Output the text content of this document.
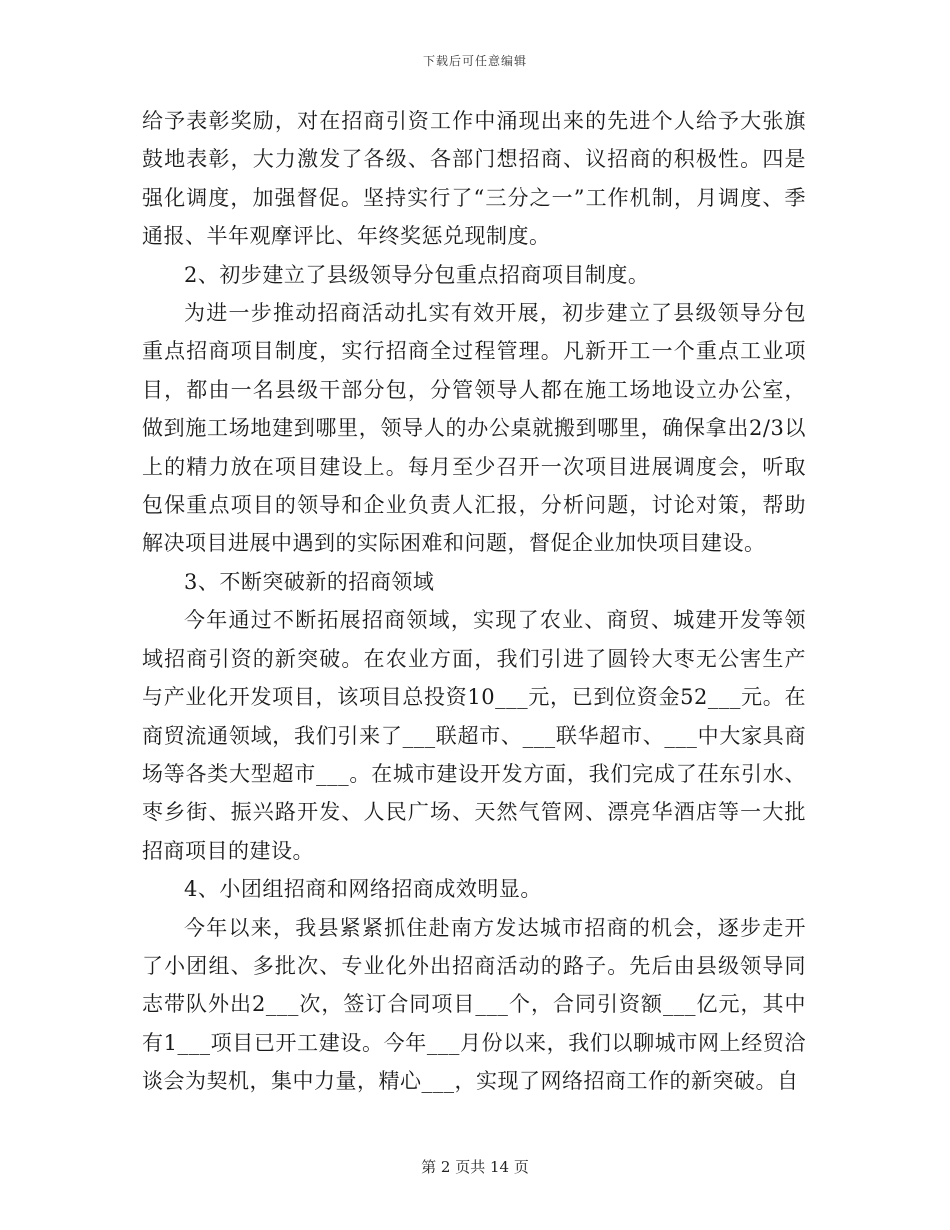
下载后可任意编辑

给予表彰奖励，对在招商引资工作中涌现出来的先进个人给予大张旗鼓地表彰，大力激发了各级、各部门想招商、议招商的积极性。四是强化调度，加强督促。坚持实行了“三分之一”工作机制，月调度、季通报、半年观摩评比、年终奖惩兑现制度。

2、初步建立了县级领导分包重点招商项目制度。

为进一步推动招商活动扎实有效开展，初步建立了县级领导分包重点招商项目制度，实行招商全过程管理。凡新开工一个重点工业项目，都由一名县级干部分包，分管领导人都在施工场地设立办公室，做到施工场地建到哪里，领导人的办公桌就搬到哪里，确保拿出2/3以上的精力放在项目建设上。每月至少召开一次项目进展调度会，听取包保重点项目的领导和企业负责人汇报，分析问题，讨论对策，帮助解决项目进展中遇到的实际困难和问题，督促企业加快项目建设。

3、不断突破新的招商领域

今年通过不断拓展招商领域，实现了农业、商贸、城建开发等领域招商引资的新突破。在农业方面，我们引进了圆铃大枣无公害生产与产业化开发项目，该项目总投资10___元，已到位资金52___元。在商贸流通领域，我们引来了___联超市、___联华超市、___中大家具商场等各类大型超市___。在城市建设开发方面，我们完成了茌东引水、枣乡街、振兴路开发、人民广场、天然气管网、漂亮华酒店等一大批招商项目的建设。

4、小团组招商和网络招商成效明显。

今年以来，我县紧紧抓住赴南方发达城市招商的机会，逐步走开了小团组、多批次、专业化外出招商活动的路子。先后由县级领导同志带队外出2___次，签订合同项目___个，合同引资额___亿元，其中有1___项目已开工建设。今年___月份以来，我们以聊城市网上经贸洽谈会为契机，集中力量，精心___，实现了网络招商工作的新突破。自

第 2 页共 14 页
